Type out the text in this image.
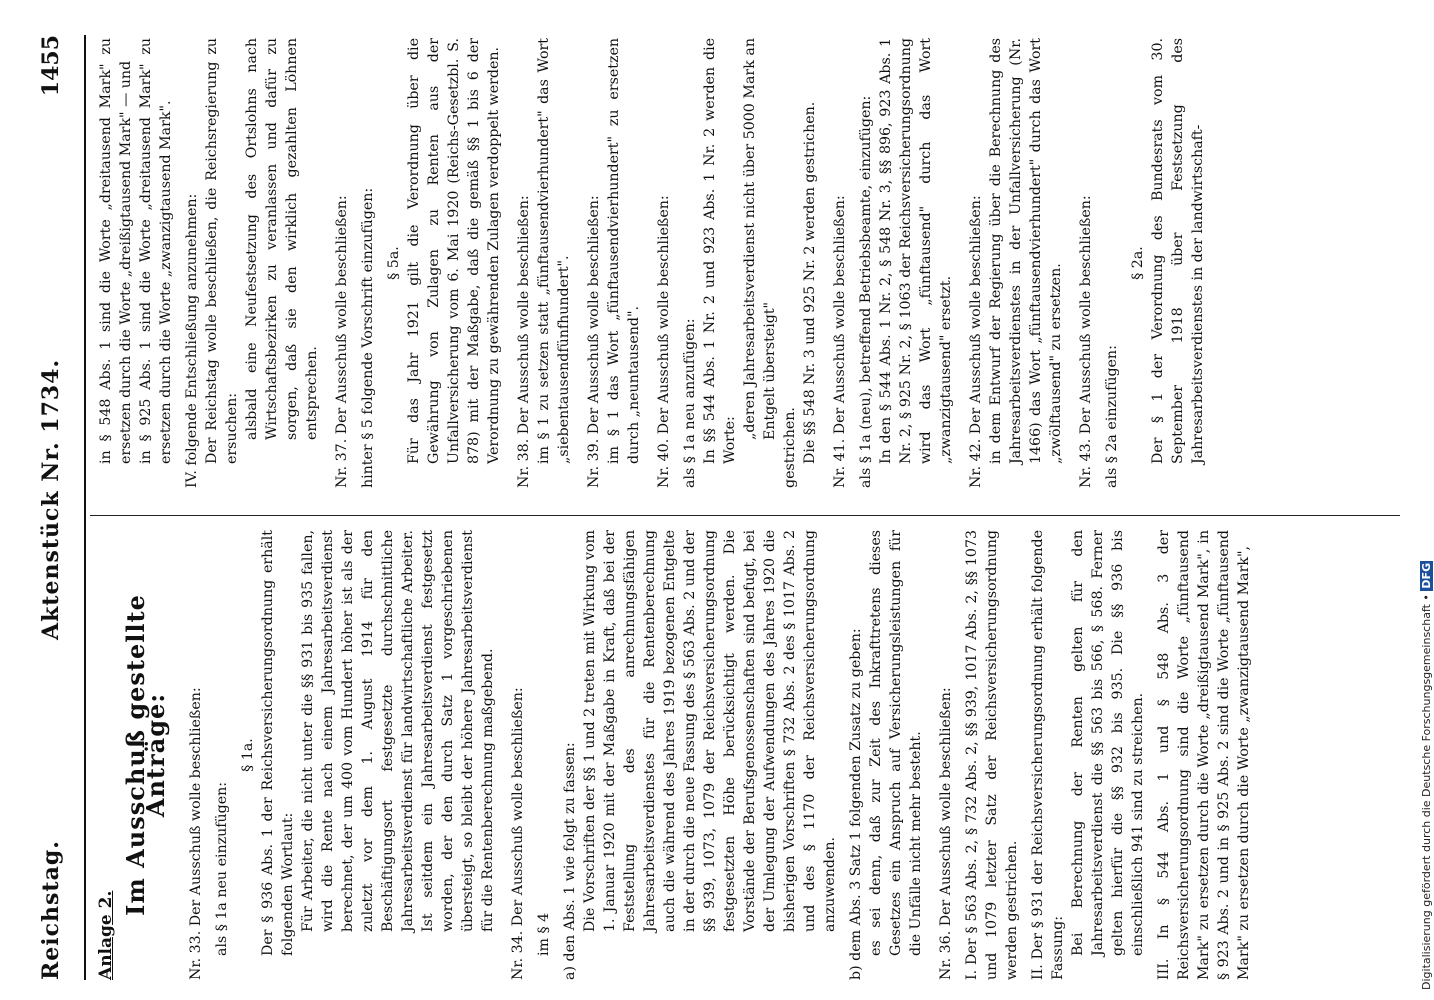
Reichstag.
Aktenstück Nr. 1734.
1455

Anlage 2.

Im Ausschuß gestellte Anträge: Nr. 33. Der Ausschuß wolle beschließen: als § 1a neu einzufügen:

§ 1a. Der § 936 Abs. 1 der Reichsversicherungsordnung erhält folgenden Wortlaut: Für Arbeiter, die nicht unter die §§ 931 bis 935 fallen, wird die Rente nach einem Jahresarbeitsverdienst berechnet, der um 400 vom Hundert höher ist als der zuletzt vor dem 1. August 1914 für den Beschäftigungsort festgesetzte durchschnittliche Jahresarbeitsverdienst für landwirtschaftliche Arbeiter. Ist seitdem ein Jahresarbeitsverdienst festgesetzt worden, der den durch Satz 1 vorgeschriebenen übersteigt, so bleibt der höhere Jahresarbeitsverdienst für die Rentenberechnung maßgebend. Nr. 34. Der Ausschuß wolle beschließen: im § 4 a) den Abs. 1 wie folgt zu fassen: Die Vorschriften der §§ 1 und 2 treten mit Wirkung vom 1. Januar 1920 mit der Maßgabe in Kraft, daß bei der Feststellung des anrechnungsfähigen Jahresarbeitsverdienstes für die Rentenberechnung auch die während des Jahres 1919 bezogenen Entgelte in der durch die neue Fassung des § 563 Abs. 2 und der §§ 939, 1073, 1079 der Reichsversicherungsordnung festgesetzten Höhe berücksichtigt werden. Die Vorstände der Berufsgenossenschaften sind befugt, bei der Umlegung der Aufwendungen des Jahres 1920 die bisherigen Vorschriften § 732 Abs. 2 des § 1017 Abs. 2 und des § 1170 der Reichsversicherungsordnung anzuwenden. b) dem Abs. 3 Satz 1 folgenden Zusatz zu geben: es sei denn, daß zur Zeit des Inkrafttretens dieses Gesetzes ein Anspruch auf Versicherungsleistungen für die Unfälle nicht mehr besteht. Nr. 36. Der Ausschuß wolle beschließen: I. Der § 563 Abs. 2, § 732 Abs. 2, §§ 939, 1017 Abs. 2, §§ 1073 und 1079 letzter Satz der Reichsversicherungsordnung werden gestrichen. II. Der § 931 der Reichsversicherungsordnung erhält folgende Fassung: Bei Berechnung der Renten gelten für den Jahresarbeitsverdienst die §§ 563 bis 566, § 568. Ferner gelten hierfür die §§ 932 bis 935. Die §§ 936 bis einschließlich 941 sind zu streichen. III. In § 544 Abs. 1 und § 548 Abs. 3 der Reichsversicherungsordnung sind die Worte „fünftausend Mark" zu ersetzen durch die Worte „dreißigtausend Mark", in § 923 Abs. 2 und in § 925 Abs. 2 sind die Worte „fünftausend Mark" zu ersetzen durch die Worte „zwanzigtausend Mark",

in § 548 Abs. 1 sind die Worte „dreitausend Mark" zu ersetzen durch die Worte „dreißigtausend Mark" — und in § 925 Abs. 1 sind die Worte „dreitausend Mark" zu ersetzen durch die Worte „zwanzigtausend Mark". IV. folgende Entschließung anzunehmen: Der Reichstag wolle beschließen, die Reichsregierung zu ersuchen: alsbald eine Neufestsetzung des Ortslohns nach Wirtschaftsbezirken zu veranlassen und dafür zu sorgen, daß sie den wirklich gezahlten Löhnen entsprechen. Nr. 37. Der Ausschuß wolle beschließen: hinter § 5 folgende Vorschrift einzufügen: § 5a. Für das Jahr 1921 gilt die Verordnung über die Gewährung von Zulagen zu Renten aus der Unfallversicherung vom 6. Mai 1920 (Reichs-Gesetzbl. S. 878) mit der Maßgabe, daß die gemäß §§ 1 bis 6 der Verordnung zu gewährenden Zulagen verdoppelt werden. Nr. 38. Der Ausschuß wolle beschließen: im § 1 zu setzen statt „fünftausendvierhundert" das Wort „siebentausendfünfhundert". Nr. 39. Der Ausschuß wolle beschließen: im § 1 das Wort „fünftausendvierhundert" zu ersetzen durch „neuntausend". Nr. 40. Der Ausschuß wolle beschließen: als § 1a neu anzufügen: In §§ 544 Abs. 1 Nr. 2 und 923 Abs. 1 Nr. 2 werden die Worte:

„deren Jahresarbeitsverdienst nicht über 5000 Mark an Entgelt übersteigt"

gestrichen. Die §§ 548 Nr. 3 und 925 Nr. 2 werden gestrichen. Nr. 41. Der Ausschuß wolle beschließen: als § 1a (neu), betreffend Betriebsbeamte, einzufügen: In den § 544 Abs. 1 Nr. 2, § 548 Nr. 3, §§ 896, 923 Abs. 1 Nr. 2, § 925 Nr. 2, § 1063 der Reichsversicherungsordnung wird das Wort „fünftausend" durch das Wort „zwanzigtausend" ersetzt. Nr. 42. Der Ausschuß wolle beschließen: in dem Entwurf der Regierung über die Berechnung des Jahresarbeitsverdienstes in der Unfallversicherung (Nr. 1466) das Wort „fünftausendvierhundert" durch das Wort „zwölftausend" zu ersetzen. Nr. 43. Der Ausschuß wolle beschließen: als § 2a einzufügen:

§ 2a. Der § 1 der Verordnung des Bundesrats vom 30. September 1918 über Festsetzung des Jahresarbeitsverdienstes in der landwirtschaft-

Digitalisierung gefördert durch die Deutsche Forschungsgemeinschaft • DFG
